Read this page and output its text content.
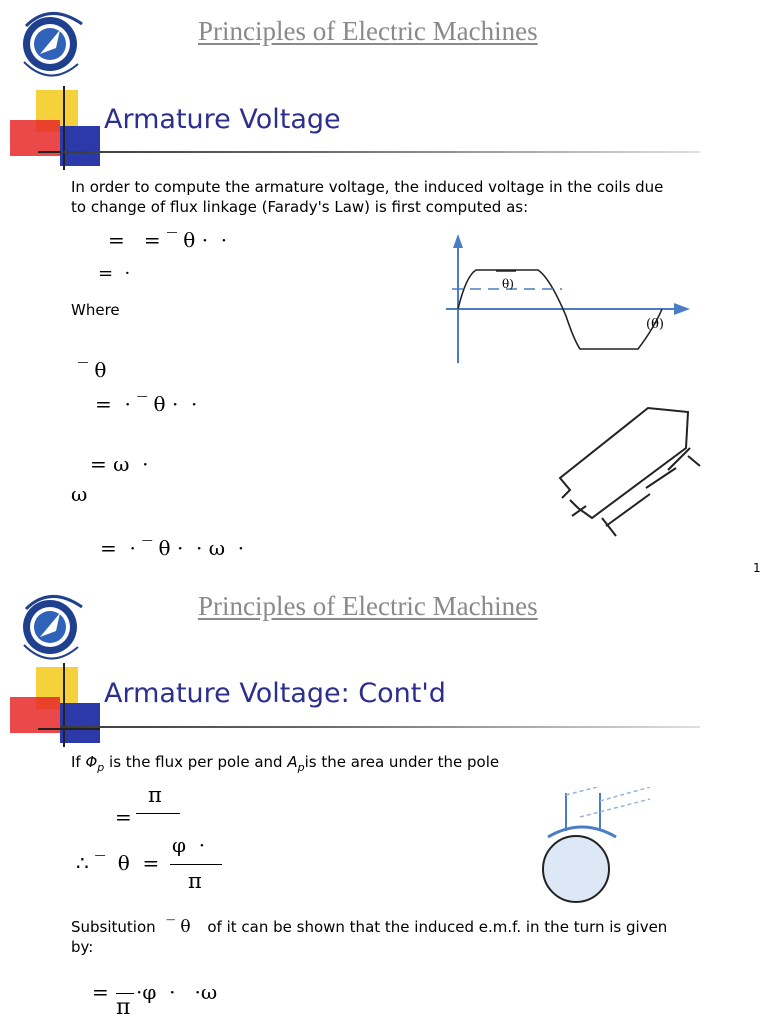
Principles of Electric Machines
Armature Voltage
In order to compute the armature voltage, the induced voltage in the coils due
to change of flux linkage (Farady's Law) is first computed as:
=   = ‾ θ ·  ·
=  ·
Where
‾ θ
=  · ‾ θ ·  ·
= ω  ·
ω
=  · ‾ θ ·  · ω  ·
θ)
(θ)
1
Principles of Electric Machines
Armature Voltage: Cont'd
If $\Phi_p$ is the flux per pole and $A_pis$ the area under the pole
=
π
∴ ‾  θ  =
φ  ·
π
Subsitution ‾ θ of it can be shown that the induced e.m.f. in the turn is given
by:
=
π
·φ  ·   ·ω
